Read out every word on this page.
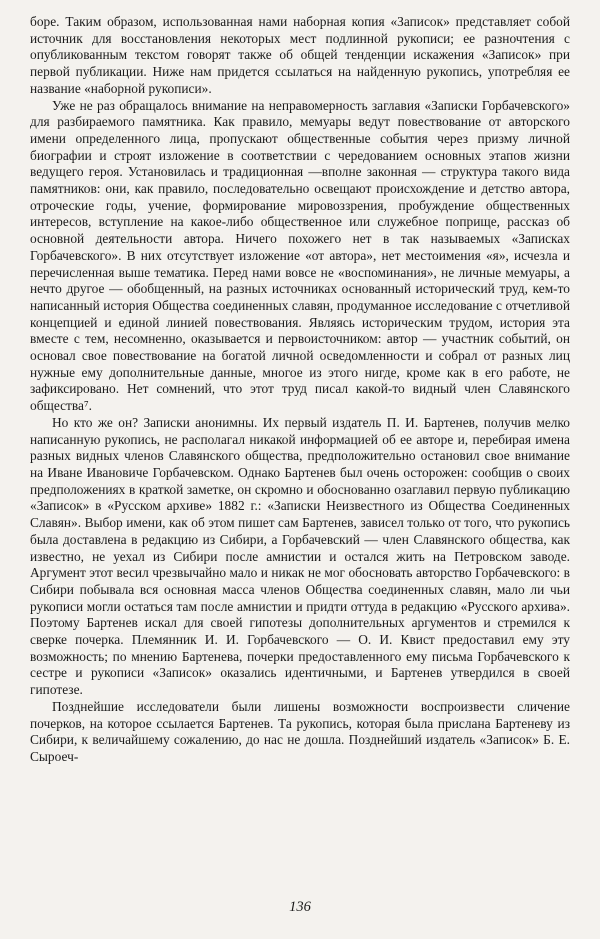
боре. Таким образом, использованная нами наборная копия «Записок» представляет собой источник для восстановления некоторых мест подлинной рукописи; ее разночтения с опубликованным текстом говорят также об общей тенденции искажения «Записок» при первой публикации. Ниже нам придется ссылаться на найденную рукопись, употребляя ее название «наборной рукописи».

Уже не раз обращалось внимание на неправомерность заглавия «Записки Горбачевского» для разбираемого памятника. Как правило, мемуары ведут повествование от авторского имени определенного лица, пропускают общественные события через призму личной биографии и строят изложение в соответствии с чередованием основных этапов жизни ведущего героя. Установилась и традиционная —вполне законная — структура такого вида памятников: они, как правило, последовательно освещают происхождение и детство автора, отроческие годы, учение, формирование мировоззрения, пробуждение общественных интересов, вступление на какое-либо общественное или служебное поприще, рассказ об основной деятельности автора. Ничего похожего нет в так называемых «Записках Горбачевского». В них отсутствует изложение «от автора», нет местоимения «я», исчезла и перечисленная выше тематика. Перед нами вовсе не «воспоминания», не личные мемуары, а нечто другое — обобщенный, на разных источниках основанный исторический труд, кем-то написанный история Общества соединенных славян, продуманное исследование с отчетливой концепцией и единой линией повествования. Являясь историческим трудом, история эта вместе с тем, несомненно, оказывается и первоисточником: автор — участник событий, он основал свое повествование на богатой личной осведомленности и собрал от разных лиц нужные ему дополнительные данные, многое из этого нигде, кроме как в его работе, не зафиксировано. Нет сомнений, что этот труд писал какой-то видный член Славянского общества⁷.

Но кто же он? Записки анонимны. Их первый издатель П. И. Бартенев, получив мелко написанную рукопись, не располагал никакой информацией об ее авторе и, перебирая имена разных видных членов Славянского общества, предположительно остановил свое внимание на Иване Ивановиче Горбачевском. Однако Бартенев был очень осторожен: сообщив о своих предположениях в краткой заметке, он скромно и обоснованно озаглавил первую публикацию «Записок» в «Русском архиве» 1882 г.: «Записки Неизвестного из Общества Соединенных Славян». Выбор имени, как об этом пишет сам Бартенев, зависел только от того, что рукопись была доставлена в редакцию из Сибири, а Горбачевский — член Славянского общества, как известно, не уехал из Сибири после амнистии и остался жить на Петровском заводе. Аргумент этот весил чрезвычайно мало и никак не мог обосновать авторство Горбачевского: в Сибири побывала вся основная масса членов Общества соединенных славян, мало ли чьи рукописи могли остаться там после амнистии и придти оттуда в редакцию «Русского архива». Поэтому Бартенев искал для своей гипотезы дополнительных аргументов и стремился к сверке почерка. Племянник И. И. Горбачевского — О. И. Квист предоставил ему эту возможность; по мнению Бартенева, почерки предоставленного ему письма Горбачевского к сестре и рукописи «Записок» оказались идентичными, и Бартенев утвердился в своей гипотезе.

Позднейшие исследователи были лишены возможности воспроизвести сличение почерков, на которое ссылается Бартенев. Та рукопись, которая была прислана Бартеневу из Сибири, к величайшему сожалению, до нас не дошла. Позднейший издатель «Записок» Б. Е. Сыроеч-

136
